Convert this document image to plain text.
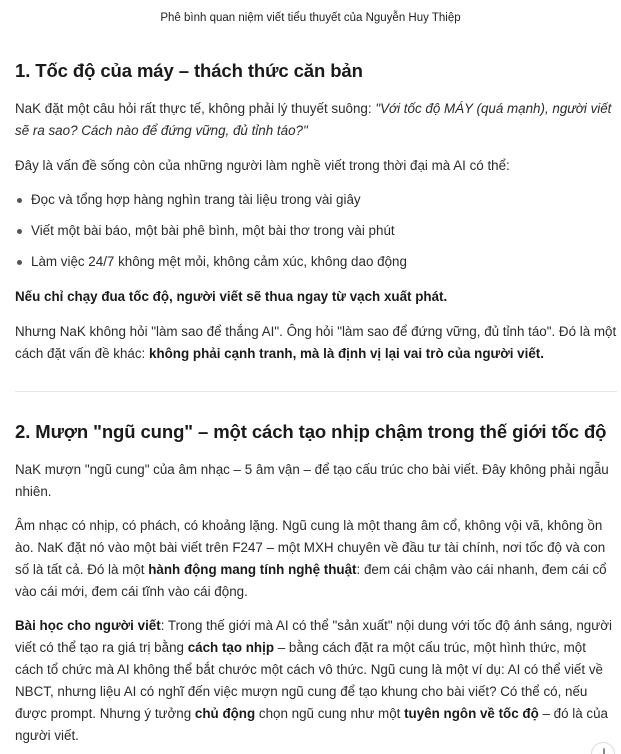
Phê bình quan niệm viết tiểu thuyết của Nguyễn Huy Thiệp
1. Tốc độ của máy – thách thức căn bản

NaK đặt một câu hỏi rất thực tế, không phải lý thuyết suông: "Với tốc độ MÁY (quá mạnh), người viết sẽ ra sao? Cách nào để đứng vững, đủ tỉnh táo?"

Đây là vấn đề sống còn của những người làm nghề viết trong thời đại mà AI có thể:

Đọc và tổng hợp hàng nghìn trang tài liệu trong vài giây
Viết một bài báo, một bài phê bình, một bài thơ trong vài phút
Làm việc 24/7 không mệt mỏi, không cảm xúc, không dao động

Nếu chỉ chạy đua tốc độ, người viết sẽ thua ngay từ vạch xuất phát.

Nhưng NaK không hỏi "làm sao để thắng AI". Ông hỏi "làm sao để đứng vững, đủ tỉnh táo". Đó là một cách đặt vấn đề khác: không phải cạnh tranh, mà là định vị lại vai trò của người viết.

2. Mượn "ngũ cung" – một cách tạo nhịp chậm trong thế giới tốc độ

NaK mượn "ngũ cung" của âm nhạc – 5 âm vận – để tạo cấu trúc cho bài viết. Đây không phải ngẫu nhiên.

Âm nhạc có nhịp, có phách, có khoảng lặng. Ngũ cung là một thang âm cổ, không vội vã, không ồn ào. NaK đặt nó vào một bài viết trên F247 – một MXH chuyên về đầu tư tài chính, nơi tốc độ và con số là tất cả. Đó là một hành động mang tính nghệ thuật: đem cái chậm vào cái nhanh, đem cái cổ vào cái mới, đem cái tĩnh vào cái động.

Bài học cho người viết: Trong thế giới mà AI có thể "sản xuất" nội dung với tốc độ ánh sáng, người viết có thể tạo ra giá trị bằng cách tạo nhịp – bằng cách đặt ra một cấu trúc, một hình thức, một cách tổ chức mà AI không thể bắt chước một cách vô thức. Ngũ cung là một ví dụ: AI có thể viết về NBCT, nhưng liệu AI có nghĩ đến việc mượn ngũ cung để tạo khung cho bài viết? Có thể có, nếu được prompt. Nhưng ý tưởng chủ động chọn ngũ cung như một tuyên ngôn về tốc độ – đó là của người viết.
